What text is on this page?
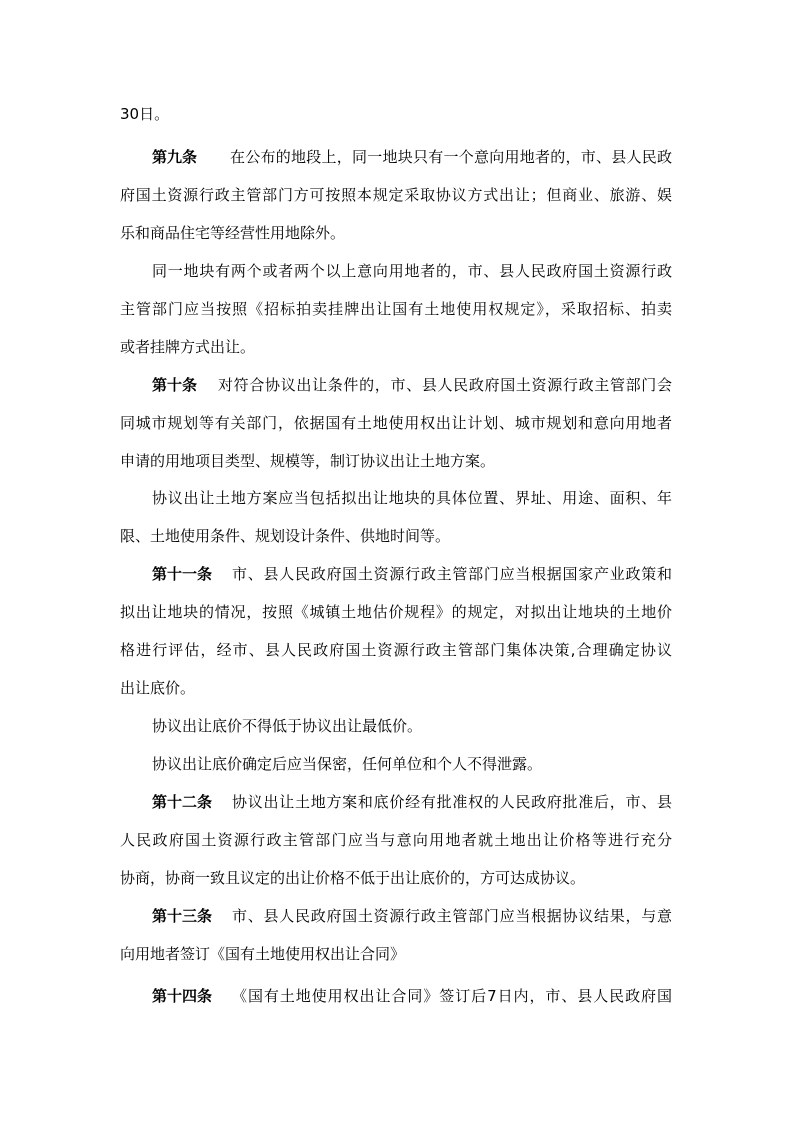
30日。
第九条 在公布的地段上，同一地块只有一个意向用地者的，市、县人民政
府国土资源行政主管部门方可按照本规定采取协议方式出让；但商业、旅游、娱
乐和商品住宅等经营性用地除外。
同一地块有两个或者两个以上意向用地者的，市、县人民政府国土资源行政
主管部门应当按照《招标拍卖挂牌出让国有土地使用权规定》，采取招标、拍卖
或者挂牌方式出让。
第十条 对符合协议出让条件的，市、县人民政府国土资源行政主管部门会
同城市规划等有关部门，依据国有土地使用权出让计划、城市规划和意向用地者
申请的用地项目类型、规模等，制订协议出让土地方案。
协议出让土地方案应当包括拟出让地块的具体位置、界址、用途、面积、年
限、土地使用条件、规划设计条件、供地时间等。
第十一条 市、县人民政府国土资源行政主管部门应当根据国家产业政策和
拟出让地块的情况，按照《城镇土地估价规程》的规定，对拟出让地块的土地价
格进行评估，经市、县人民政府国土资源行政主管部门集体决策,合理确定协议
出让底价。
协议出让底价不得低于协议出让最低价。
协议出让底价确定后应当保密，任何单位和个人不得泄露。
第十二条 协议出让土地方案和底价经有批准权的人民政府批准后，市、县
人民政府国土资源行政主管部门应当与意向用地者就土地出让价格等进行充分
协商，协商一致且议定的出让价格不低于出让底价的，方可达成协议。
第十三条 市、县人民政府国土资源行政主管部门应当根据协议结果，与意
向用地者签订《国有土地使用权出让合同》
第十四条 《国有土地使用权出让合同》签订后7日内，市、县人民政府国
